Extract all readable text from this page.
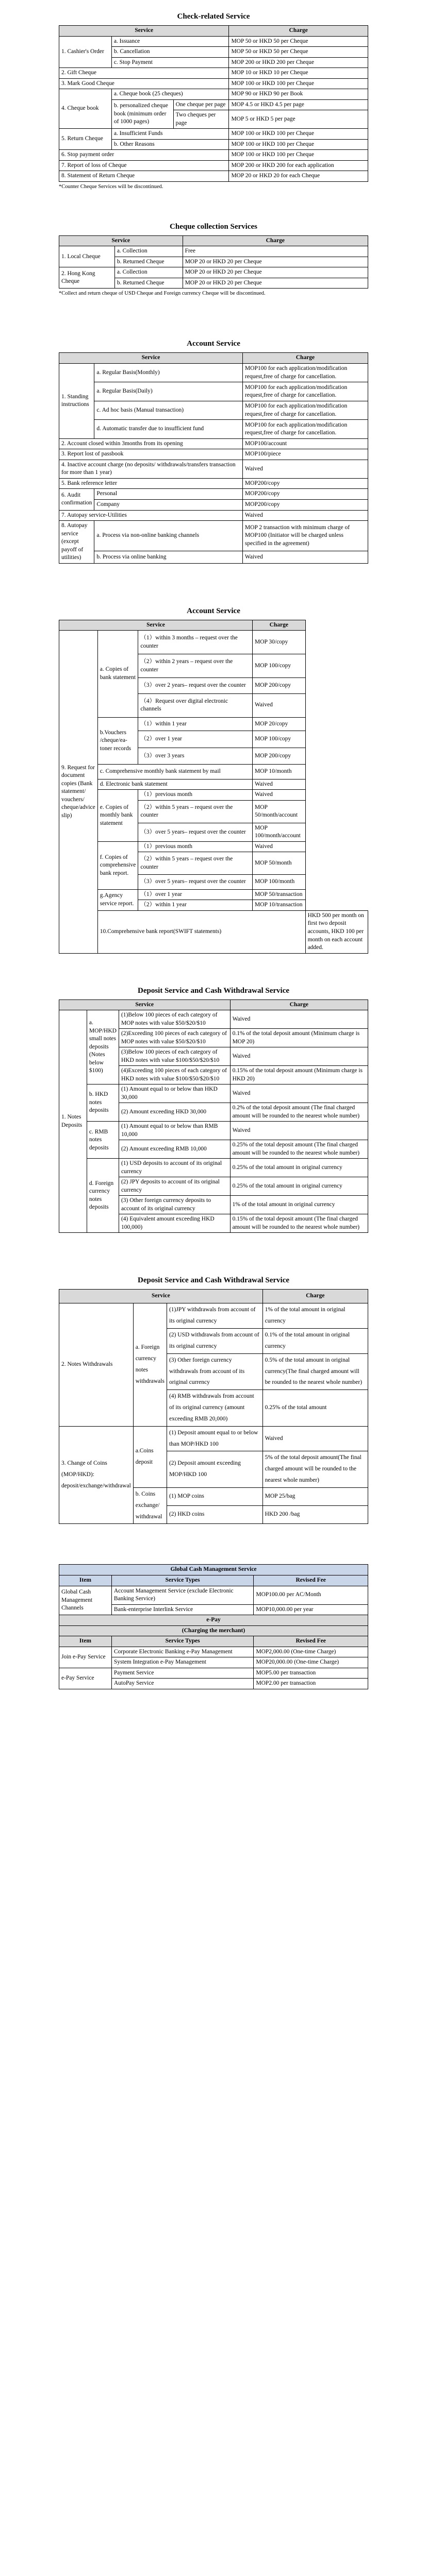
Check-related Service
Service			Charge
1. Cashier's Order	a. Issuance		MOP 50 or HKD 50 per Cheque
	b. Cancellation		MOP 50 or HKD 50 per Cheque
	c. Stop Payment		MOP 200 or HKD 200 per Cheque
2. Gift Cheque			MOP 10 or HKD 10 per Cheque
3. Mark Good Cheque			MOP 100 or HKD 100 per Cheque
4. Cheque book	a. Cheque book (25 cheques)		MOP 90 or HKD 90 per Book
	b. personalized cheque book (minimum order of 1000 pages)	One cheque per page	MOP 4.5 or HKD 4.5 per page
		Two cheques per page	MOP 5 or HKD 5 per page
5. Return Cheque	a. Insufficient Funds		MOP 100 or HKD 100 per Cheque
	b. Other Reasons		MOP 100 or HKD 100 per Cheque
6. Stop payment order			MOP 100 or HKD 100 per Cheque
7. Report of loss of Cheque			MOP 200 or HKD 200 for each application
8. Statement of Return Cheque			MOP 20 or HKD 20 for each Cheque
*Counter Cheque Services will be discontinued.
Cheque collection Services
Service		Charge
1. Local Cheque	a. Collection	Free
	b. Returned Cheque	MOP 20 or HKD 20 per Cheque
2. Hong Kong Cheque	a. Collection	MOP 20 or HKD 20 per Cheque
	b. Returned Cheque	MOP 20 or HKD 20 per Cheque
*Collect and return cheque of USD Cheque and Foreign currency Cheque will be discontinued.
Account Service
Service		Charge
1. Standing instructions	a. Regular Basis(Monthly)	MOP100 for each application/modification request,free of charge for cancellation.
	a. Regular Basis(Daily)	MOP100 for each application/modification request,free of charge for cancellation.
	c. Ad hoc basis (Manual transaction)	MOP100 for each application/modification request,free of charge for cancellation.
	d. Automatic transfer due to insufficient fund	MOP100 for each application/modification request,free of charge for cancellation.
2. Account closed within 3months from its opening		MOP100/account
3. Report lost of passbook		MOP100/piece
4. Inactive account charge (no deposits/ withdrawals/transfers transaction for more than 1 year)		Waived
5. Bank reference letter		MOP200/copy
6. Audit confirmation	Personal	MOP200/copy
	Company	MOP200/copy
7. Autopay service-Utilities		Waived
8. Autopay service (except payoff of utilities)	a. Process via non-online banking channels	MOP 2 transaction with minimum charge of MOP100 (Initiator will be charged unless specified in the agreement)
	b. Process via online banking	Waived
Account Service
Service			Charge	
9. Request for document copies (Bank statement/ vouchers/ cheque/advice slip)	a. Copies of bank statement	（1）within 3 months – request over the counter	MOP 30/copy	
		（2）within 2 years – request over the counter	MOP 100/copy	
		（3）over 2 years– request over the counter	MOP 200/copy	
		（4）Request over digital electronic channels	Waived	
	b.Vouchers /cheque/ea- toner records	（1）within 1 year	MOP 20/copy	
		（2）over 1 year	MOP 100/copy	
		（3）over 3 years	MOP 200/copy	
	c. Comprehensive monthly bank statement by mail		MOP 10/month	
	d. Electronic bank statement		Waived	
	e. Copies of monthly bank statement	（1）previous month	Waived	
		（2）within 5 years – request over the counter	MOP 50/month/account	
		（3）over 5 years– request over the counter	MOP 100/month/account	
	f. Copies of comprehensive bank report.	（1）previous month	Waived	
		（2）within 5 years – request over the counter	MOP 50/month	
		（3）over 5 years– request over the counter	MOP 100/month	
	g.Agency service report.	（1）over 1 year	MOP 50/transaction	
		（2）within 1 year	MOP 10/transaction	
	10.Comprehensive bank report(SWIFT statements)			HKD 500 per month on first two deposit accounts, HKD 100 per month on each account added.
Deposit Service and Cash Withdrawal Service
Service			Charge
1. Notes Deposits	a. MOP/HKD small notes deposits (Notes below $100)	(1)Below 100 pieces of each category of MOP notes with value $50/$20/$10	Waived
		(2)Exceeding 100 pieces of each category of MOP notes with value $50/$20/$10	0.1% of the total deposit amount (Minimum charge is MOP 20)
		(3)Below 100 pieces of each category of HKD notes with value $100/$50/$20/$10	Waived
		(4)Exceeding 100 pieces of each category of HKD notes with value $100/$50/$20/$10	0.15% of the total deposit amount (Minimum charge is HKD 20)
	b. HKD notes deposits	(1) Amount equal to or below than HKD 30,000	Waived
		(2) Amount exceeding HKD 30,000	0.2% of the total deposit amount (The final charged amount will be rounded to the nearest whole number)
	c. RMB notes deposits	(1) Amount equal to or below than RMB 10,000	Waived
		(2) Amount exceeding RMB 10,000	0.25% of the total deposit amount (The final charged amount will be rounded to the nearest whole number)
	d. Foreign currency notes deposits	(1) USD deposits to account of its original currency	0.25% of the total amount in original currency
		(2) JPY deposits to account of its original currency	0.25% of the total amount in original currency
		(3) Other foreign currency deposits to account of its original currency	1% of the total amount in original currency
		(4) Equivalent amount exceeding HKD 100,000)	0.15% of the total deposit amount (The final charged amount will be rounded to the nearest whole number)
Deposit Service and Cash Withdrawal Service
Service			Charge
2. Notes Withdrawals	a. Foreign currency notes withdrawals	(1)JPY withdrawals from account of its original currency	1% of the total amount in original currency
		(2) USD withdrawals from account of its original currency	0.1% of the total amount in original currency
		(3) Other foreign currency withdrawals from account of its original currency	0.5% of the total amount in original currency(The final charged amount will be rounded to the nearest whole number)
		(4) RMB withdrawals from account of its original currency (amount exceeding RMB 20,000)	0.25% of the total amount
3. Change of Coins (MOP/HKD): deposit/exchange/withdrawal	a.Coins deposit	(1) Deposit amount equal to or below than MOP/HKD 100	Waived
		(2) Deposit amount exceeding MOP/HKD 100	5% of the total deposit amount(The final charged amount will be rounded to the nearest whole number)
	b. Coins exchange/ withdrawal	(1) MOP coins	MOP 25/bag
		(2) HKD coins	HKD 200 /bag
Global Cash Management Service		
Item	Service Types	Revised Fee
Global Cash Management Channels	Account Management Service (exclude Electronic Banking Service)	MOP100.00 per AC/Month
	Bank-enterprise Interlink Service	MOP10,000.00 per year
e-Pay		
(Charging the merchant)		
Item	Service Types	Revised Fee
Join e-Pay Service	Corporate Electronic Banking e-Pay Management	MOP2,000.00 (One-time Charge)
	System Integration e-Pay Management	MOP20,000.00 (One-time Charge)
e-Pay Service	Payment Service	MOP5.00 per transaction
	AutoPay Service	MOP2.00 per transaction
